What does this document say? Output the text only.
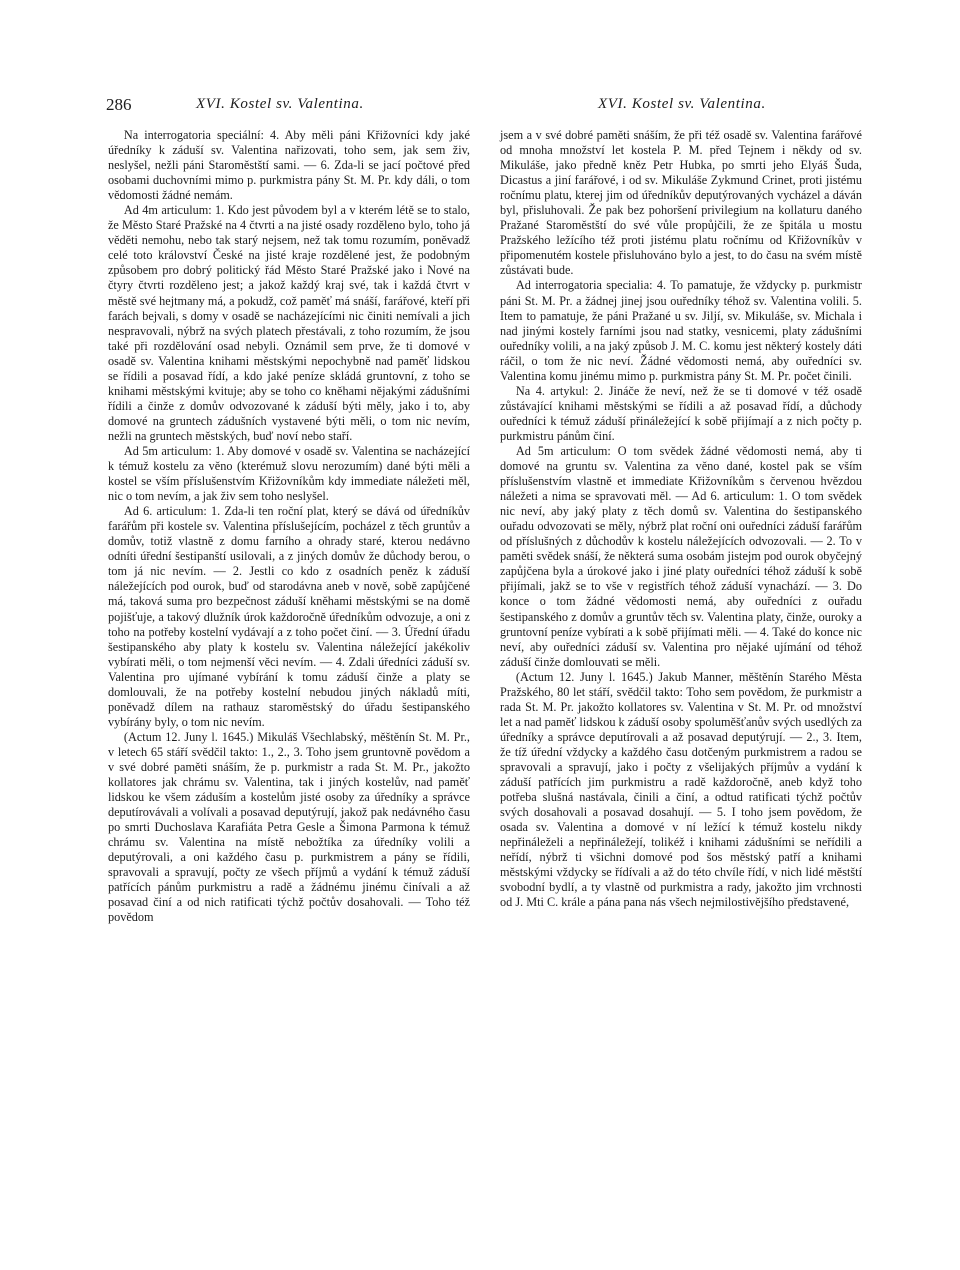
286	XVI. Kostel sv. Valentina.	XVI. Kostel sv. Valentina.

Na interrogatoria speciální: 4. Aby měli páni Křižovníci kdy jaké úředníky k záduší sv. Valentina nařizovati, toho sem, jak sem živ, neslyšel, nežli páni Staroměstští sami. — 6. Zda-li se jací počtové před osobami duchovními mimo p. purkmistra pány St. M. Pr. kdy dáli, o tom vědomosti žádné nemám.

Ad 4m articulum: 1. Kdo jest původem byl a v kterém létě se to stalo, že Město Staré Pražské na 4 čtvrti a na jisté osady rozděleno bylo, toho já věděti nemohu, nebo tak starý nejsem, než tak tomu rozumím, poněvadž celé toto království České na jisté kraje rozdělené jest, že podobným způsobem pro dobrý politický řád Město Staré Pražské jako i Nové na čtyry čtvrti rozděleno jest; a jakož každý kraj své, tak i každá čtvrt v městě své hejtmany má, a pokudž, což paměť má snáší, farářové, kteří při farách bejvali, s domy v osadě se nacházejícími nic činiti nemívali a jich nespravovali, nýbrž na svých platech přestávali, z toho rozumím, že jsou také při rozdělování osad nebyli. Oznámil sem prve, že ti domové v osadě sv. Valentina knihami městskými nepochybně nad paměť lidskou se řídili a posavad řídí, a kdo jaké peníze skládá gruntovní, z toho se knihami městskými kvituje; aby se toho co kněhami nějakými zádušními řídili a činže z domův odvozované k záduší býti měly, jako i to, aby domové na gruntech zádušních vystavené býti měli, o tom nic nevím, nežli na gruntech městských, buď noví nebo staří.

Ad 5m articulum: 1. Aby domové v osadě sv. Valentina se nacházející k témuž kostelu za věno (kterémuž slovu nerozumím) dané býti měli a kostel se vším příslušenstvím Křižovníkům kdy immediate náležeti měl, nic o tom nevím, a jak živ sem toho neslyšel.

Ad 6. articulum: 1. Zda-li ten roční plat, který se dává od úředníkův farářům při kostele sv. Valentina příslušejícím, pocházel z těch gruntův a domův, totiž vlastně z domu farního a ohrady staré, kterou nedávno odníti úřední šestipanští usilovali, a z jiných domův že důchody berou, o tom já nic nevím. — 2. Jestli co kdo z osadních peněz k záduší náležejících pod ourok, buď od starodávna aneb v nově, sobě zapůjčené má, taková suma pro bezpečnost záduší kněhami městskými se na domě pojišťuje, a takový dlužník úrok každoročně úředníkům odvozuje, a oni z toho na potřeby kostelní vydávají a z toho počet činí. — 3. Úřední úřadu šestipanského aby platy k kostelu sv. Valentina náležející jakékoliv vybírati měli, o tom nejmenší věci nevím. — 4. Zdali úředníci záduší sv. Valentina pro ujímané vybírání k tomu záduší činže a platy se domlouvali, že na potřeby kostelní nebudou jiných nákladů míti, poněvadž dílem na rathauz staroměstský do úřadu šestipanského vybírány byly, o tom nic nevím.

(Actum 12. Juny l. 1645.) Mikuláš Všechlabský, měštěnín St. M. Pr., v letech 65 stáří svědčil takto: 1., 2., 3. Toho jsem gruntovně povědom a v své dobré paměti snáším, že p. purkmistr a rada St. M. Pr., jakožto kollatores jak chrámu sv. Valentina, tak i jiných kostelův, nad paměť lidskou ke všem záduším a kostelům jisté osoby za úředníky a správce deputírovávali a volívali a posavad deputýrují, jakož pak nedávného času po smrti Duchoslava Karafiáta Petra Gesle a Šimona Parmona k témuž chrámu sv. Valentina na místě nebožtíka za úředníky volili a deputýrovali, a oni každého času p. purkmistrem a pány se řídili, spravovali a spravují, počty ze všech příjmů a vydání k témuž záduší patřících pánům purkmistru a radě a žádnému jinému činívali a až posavad činí a od nich ratificati týchž počtův dosahovali. — Toho též povědom

jsem a v své dobré paměti snáším, že při též osadě sv. Valentina farářové od mnoha množství let kostela P. M. před Tejnem i někdy od sv. Mikuláše, jako předně kněz Petr Hubka, po smrti jeho Elyáš Šuda, Dicastus a jiní farářové, i od sv. Mikuláše Zykmund Crinet, proti jistému ročnímu platu, kterej jim od úředníkův deputýrovaných vycházel a dáván byl, přisluhovali. Že pak bez pohoršení privilegium na kollaturu daného Pražané Staroměstští do své vůle propůjčili, že ze špitála u mostu Pražského ležícího též proti jistému platu ročnímu od Křižovníkův v připomenutém kostele přisluhováno bylo a jest, to do času na svém místě zůstávati bude.

Ad interrogatoria specialia: 4. To pamatuje, že vždycky p. purkmistr páni St. M. Pr. a žádnej jinej jsou ouředníky téhož sv. Valentina volili. 5. Item to pamatuje, že páni Pražané u sv. Jiljí, sv. Mikuláše, sv. Michala i nad jinými kostely farními jsou nad statky, vesnicemi, platy zádušními ouředníky volili, a na jaký způsob J. M. C. komu jest některý kostely dáti ráčil, o tom že nic neví. Žádné vědomosti nemá, aby ouředníci sv. Valentina komu jinému mimo p. purkmistra pány St. M. Pr. počet činili.

Na 4. artykul: 2. Jináče že neví, než že se ti domové v též osadě zůstávající knihami městskými se řídili a až posavad řídí, a důchody ouředníci k témuž záduší přináležející k sobě přijímají a z nich počty p. purkmistru pánům činí.

Ad 5m articulum: O tom svědek žádné vědomosti nemá, aby ti domové na gruntu sv. Valentina za věno dané, kostel pak se vším příslušenstvím vlastně et immediate Křižovníkům s červenou hvězdou náležeti a nima se spravovati měl. — Ad 6. articulum: 1. O tom svědek nic neví, aby jaký platy z těch domů sv. Valentina do šestipanského ouřadu odvozovati se měly, nýbrž plat roční oni ouředníci záduší farářům od příslušných z důchodův k kostelu náležejících odvozovali. — 2. To v paměti svědek snáší, že některá suma osobám jistejm pod ourok obyčejný zapůjčena byla a úrokové jako i jiné platy ouředníci téhož záduší k sobě přijímali, jakž se to vše v registřích téhož záduší vynachází. — 3. Do konce o tom žádné vědomosti nemá, aby ouředníci z ouřadu šestipanského z domův a gruntův těch sv. Valentina platy, činže, ouroky a gruntovní peníze vybírati a k sobě přijímati měli. — 4. Také do konce nic neví, aby ouředníci záduší sv. Valentina pro nějaké ujímání od téhož záduší činže domlouvati se měli.

(Actum 12. Juny l. 1645.) Jakub Manner, měštěnín Starého Města Pražského, 80 let stáří, svědčil takto: Toho sem povědom, že purkmistr a rada St. M. Pr. jakožto kollatores sv. Valentina v St. M. Pr. od množství let a nad paměť lidskou k záduší osoby spoluměšťanův svých usedlých za úředníky a správce deputírovali a až posavad deputýrují. — 2., 3. Item, že tíž úřední vždycky a každého času dotčeným purkmistrem a radou se spravovali a spravují, jako i počty z všelijakých příjmův a vydání k záduší patřících jim purkmistru a radě každoročně, aneb když toho potřeba slušná nastávala, činili a činí, a odtud ratificati týchž počtův svých dosahovali a posavad dosahují. — 5. I toho jsem povědom, že osada sv. Valentina a domové v ní ležící k témuž kostelu nikdy nepřináleželi a nepřináležejí, tolikéž i knihami zádušními se neřídili a neřídí, nýbrž ti všichni domové pod šos městský patří a knihami městskými vždycky se řídívali a až do této chvíle řídí, v nich lidé městští svobodní bydlí, a ty vlastně od purkmistra a rady, jakožto jim vrchnosti od J. Mti C. krále a pána pana nás všech nejmilostivějšího představené,
